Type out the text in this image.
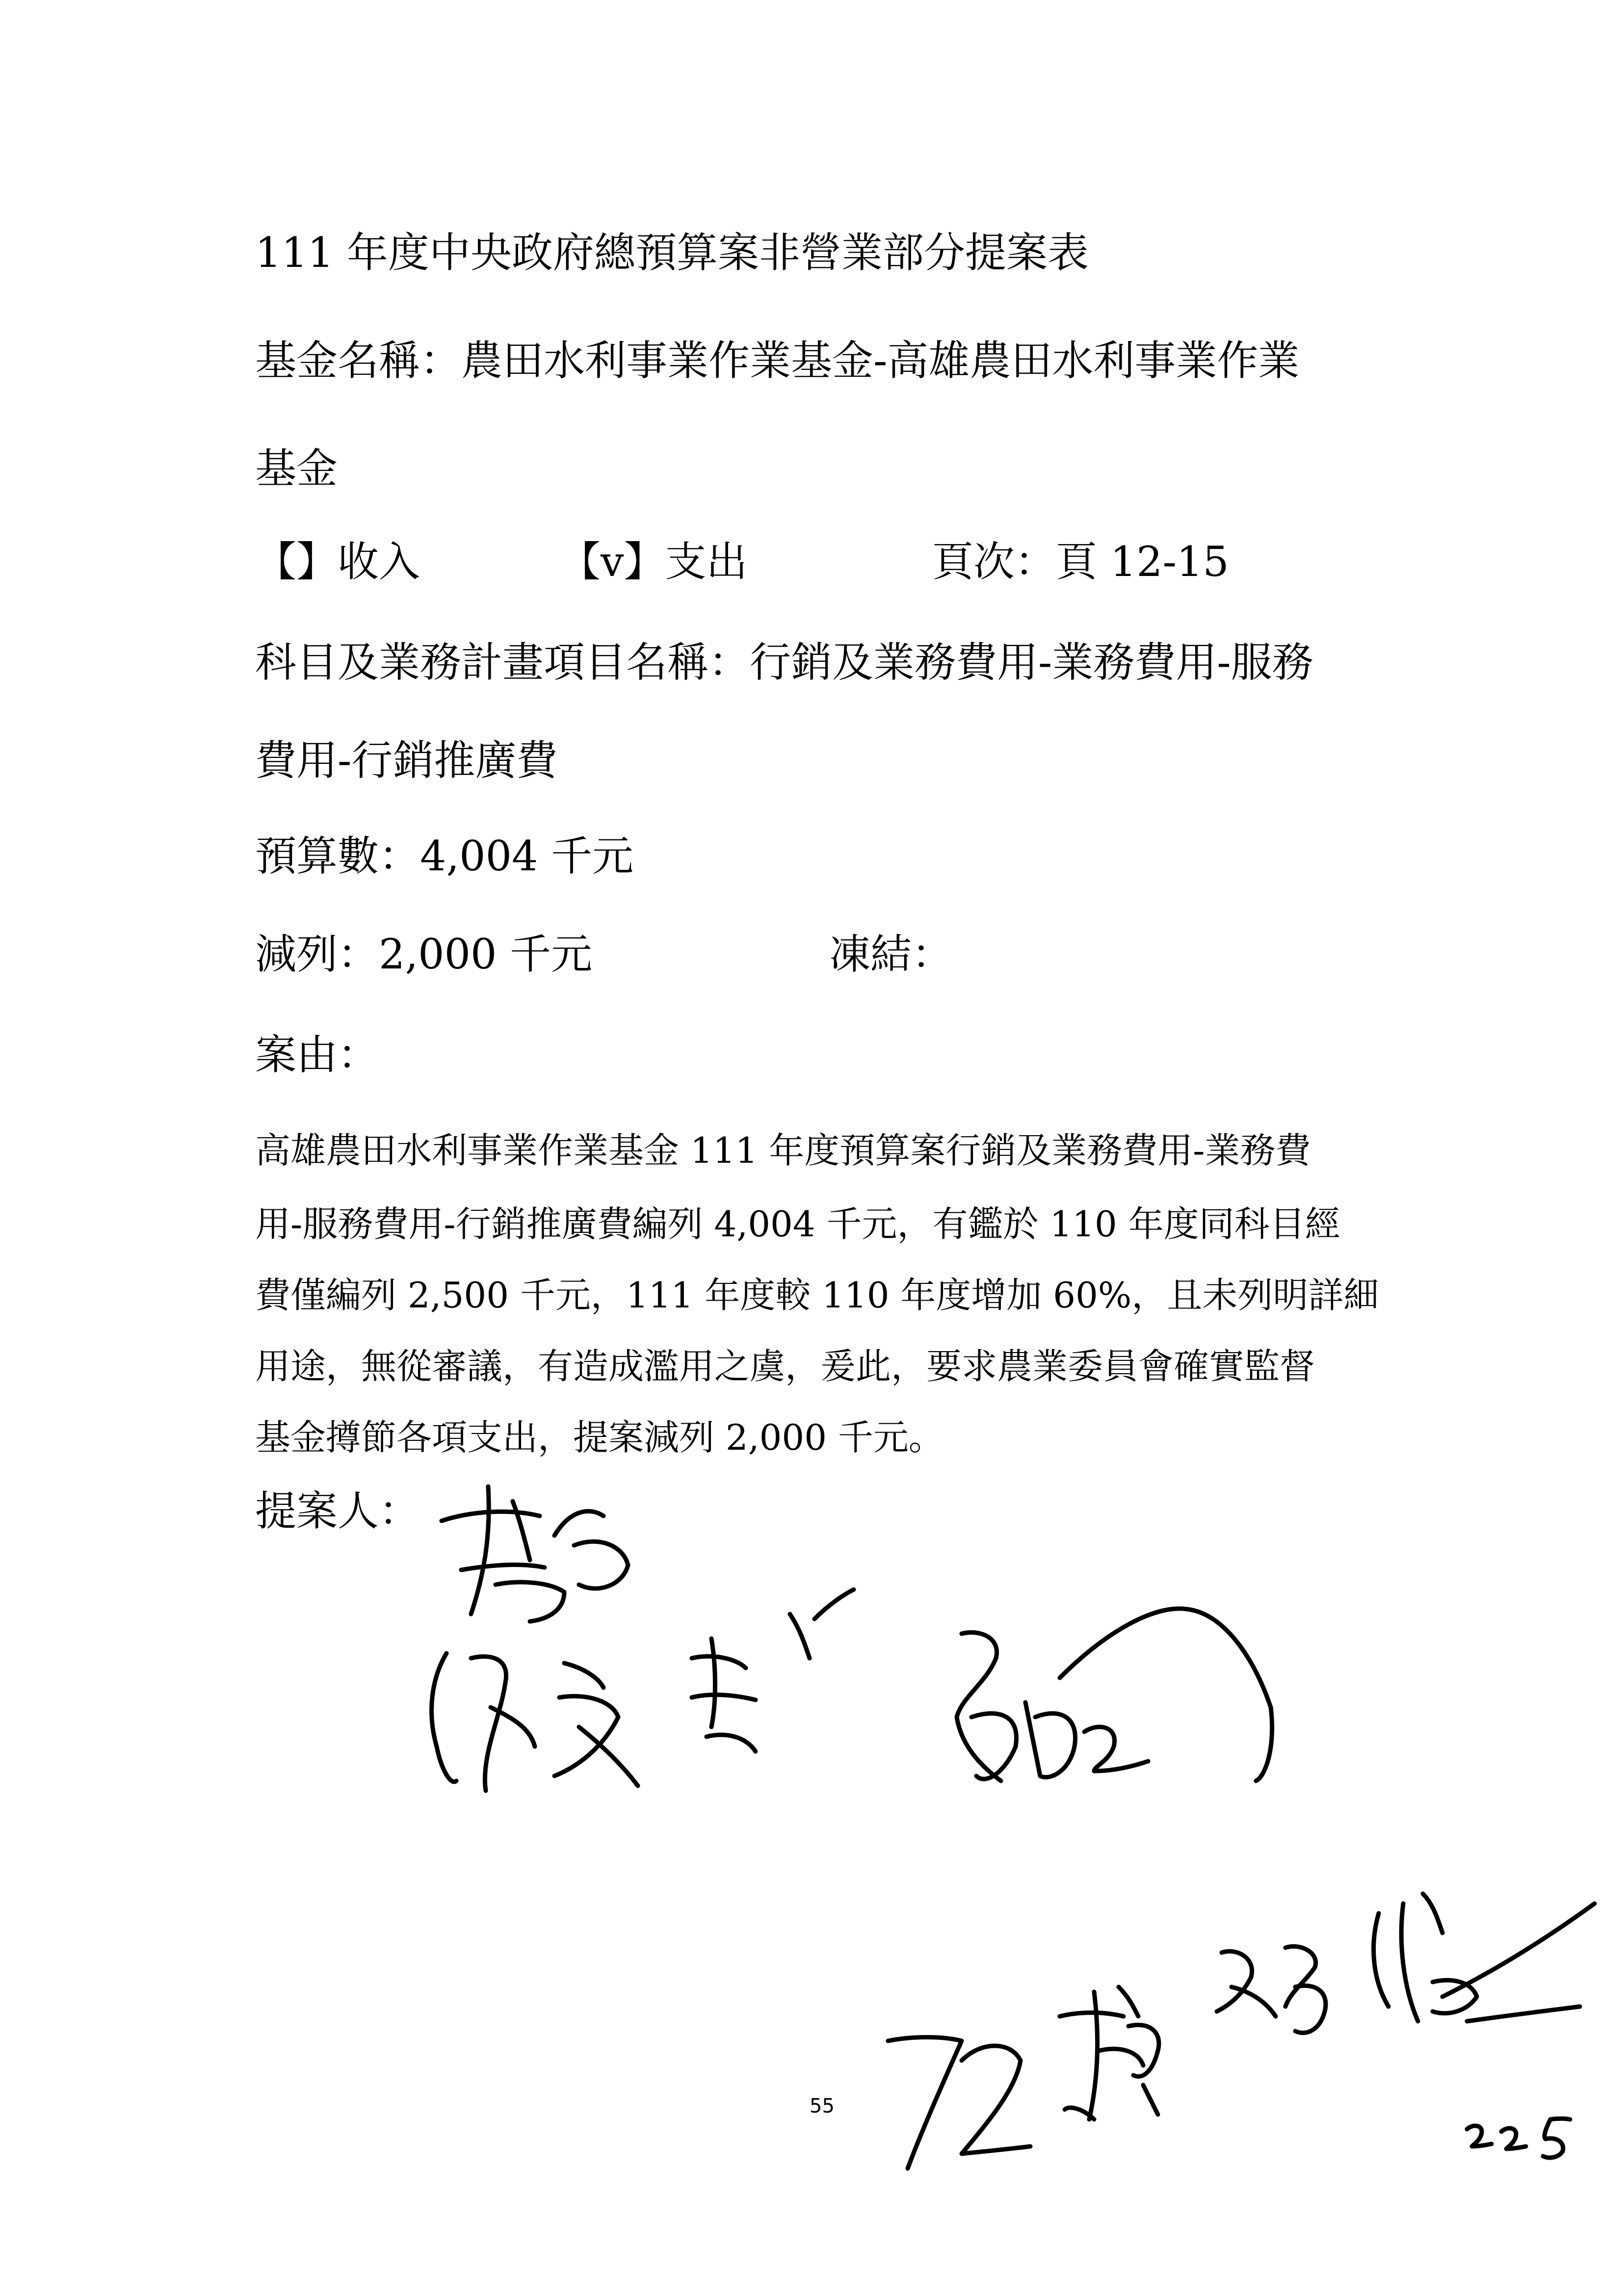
111 年度中央政府總預算案非營業部分提案表
基金名稱：農田水利事業作業基金-高雄農田水利事業作業
基金
【】收入	【v】支出	頁次：頁 12-15
科目及業務計畫項目名稱：行銷及業務費用-業務費用-服務
費用-行銷推廣費
預算數：4,004 千元
減列：2,000 千元	凍結：
案由：
高雄農田水利事業作業基金 111 年度預算案行銷及業務費用-業務費
用-服務費用-行銷推廣費編列 4,004 千元，有鑑於 110 年度同科目經
費僅編列 2,500 千元，111 年度較 110 年度增加 60%，且未列明詳細
用途，無從審議，有造成濫用之虞，爰此，要求農業委員會確實監督
基金撙節各項支出，提案減列 2,000 千元。
提案人：
55
